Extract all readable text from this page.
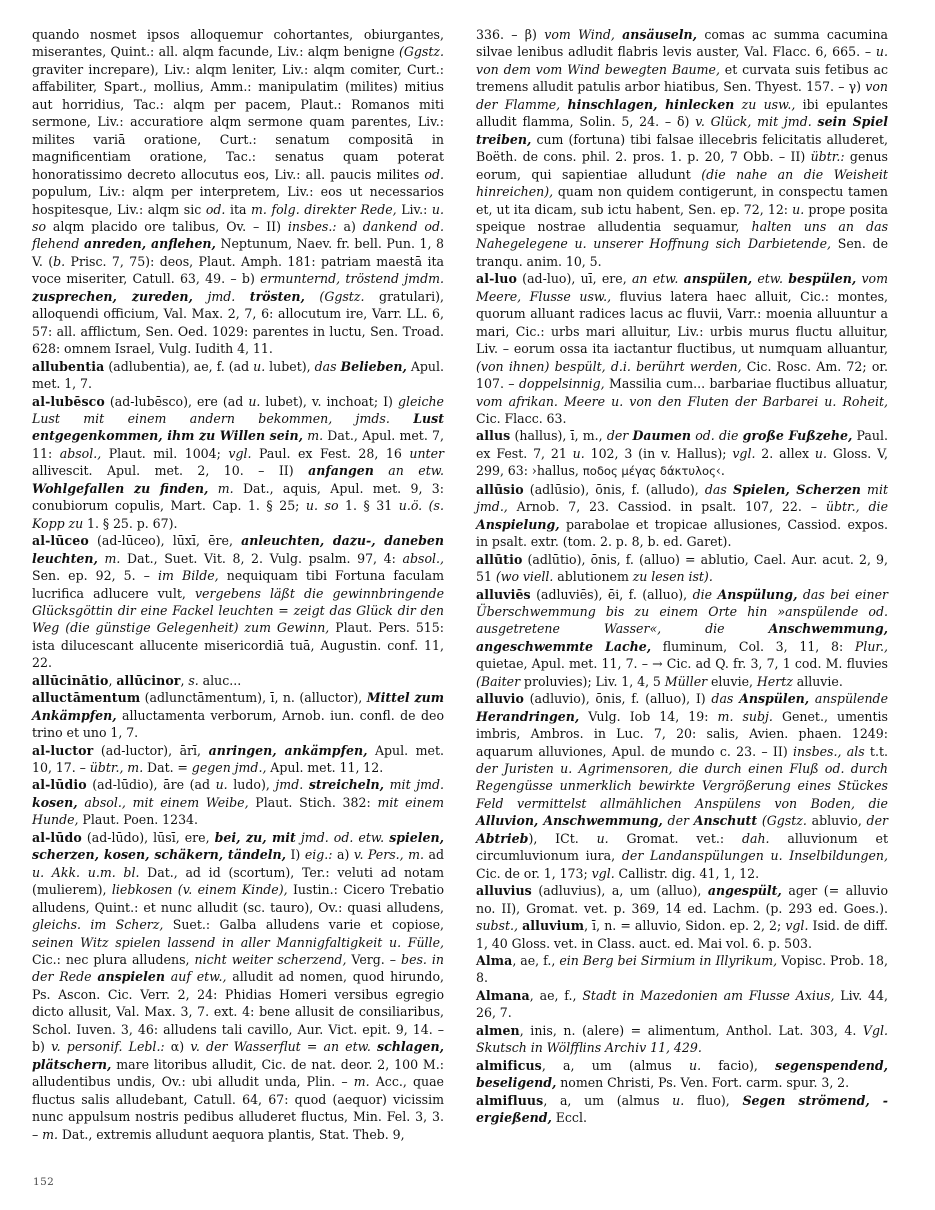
quando nosmet ipsos alloquemur cohortantes, obiurgantes, miserantes, Quint.: all. alqm facunde, Liv.: alqm benigne (Ggstz. graviter increpare), Liv.: alqm leniter, Liv.: alqm comiter, Curt.: affabiliter, Spart., mollius, Amm.: manipulatim (milites) mitius aut horridius, Tac.: alqm per pacem, Plaut.: Romanos miti sermone, Liv.: accuratiore alqm sermone quam parentes, Liv.: milites variā oratione, Curt.: senatum compositā in magnificentiam oratione, Tac.: senatus quam poterat honoratissimo decreto allocutus eos, Liv.: all. paucis milites od. populum, Liv.: alqm per interpretem, Liv.: eos ut necessarios hospitesque, Liv.: alqm sic od. ita m. folg. direkter Rede, Liv.: u. so alqm placido ore talibus, Ov. – II) insbes.: a) dankend od. flehend anreden, anflehen, Neptunum, Naev. fr. bell. Pun. 1, 8 V. (b. Prisc. 7, 75): deos, Plaut. Amph. 181: patriam maestā ita voce miseriter, Catull. 63, 49. – b) ermunternd, tröstend jmdm. zusprechen, zureden, jmd. trösten, (Ggstz. gratulari), alloquendi officium, Val. Max. 2, 7, 6: allocutum ire, Varr. LL. 6, 57: all. afflictum, Sen. Oed. 1029: parentes in luctu, Sen. Troad. 628: omnem Israel, Vulg. Iudith 4, 11.

allubentia (adlubentia), ae, f. (ad u. lubet), das Belieben, Apul. met. 1, 7.

al-lubēsco (ad-lubēsco), ere (ad u. lubet), v. inchoat; I) gleiche Lust mit einem andern bekommen, jmds. Lust entgegenkommen, ihm zu Willen sein, m. Dat., Apul. met. 7, 11: absol., Plaut. mil. 1004; vgl. Paul. ex Fest. 28, 16 unter allivescit. Apul. met. 2, 10. – II) anfangen an etw. Wohlgefallen zu finden, m. Dat., aquis, Apul. met. 9, 3: conubiorum copulis, Mart. Cap. 1. § 25; u. so 1. § 31 u.ö. (s. Kopp zu 1. § 25. p. 67).

al-lūceo (ad-lūceo), lūxī, ēre, anleuchten, dazu-, daneben leuchten, m. Dat., Suet. Vit. 8, 2. Vulg. psalm. 97, 4: absol., Sen. ep. 92, 5. – im Bilde, nequiquam tibi Fortuna faculam lucrifica adlucere vult, vergebens läßt die gewinnbringende Glücksgöttin dir eine Fackel leuchten = zeigt das Glück dir den Weg (die günstige Gelegenheit) zum Gewinn, Plaut. Pers. 515: ista dilucescant allucente misericordiā tuā, Augustin. conf. 11, 22.

allūcinātio, allūcinor, s. aluc...

alluctāmentum (adlunctāmentum), ī, n. (alluctor), Mittel zum Ankämpfen, alluctamenta verborum, Arnob. iun. confl. de deo trino et uno 1, 7.

al-luctor (ad-luctor), ārī, anringen, ankämpfen, Apul. met. 10, 17. – übtr., m. Dat. = gegen jmd., Apul. met. 11, 12.

al-lūdio (ad-lūdio), āre (ad u. ludo), jmd. streicheln, mit jmd. kosen, absol., mit einem Weibe, Plaut. Stich. 382: mit einem Hunde, Plaut. Poen. 1234.

al-lūdo (ad-lūdo), lūsī, ere, bei, zu, mit jmd. od. etw. spielen, scherzen, kosen, schäkern, tändeln, I) eig.: a) v. Pers., m. ad u. Akk. u.m. bl. Dat., ad id (scortum), Ter.: veluti ad notam (mulierem), liebkosen (v. einem Kinde), Iustin.: Cicero Trebatio alludens, Quint.: et nunc alludit (sc. tauro), Ov.: quasi alludens, gleichs. im Scherz, Suet.: Galba alludens varie et copiose, seinen Witz spielen lassend in aller Mannigfaltigkeit u. Fülle, Cic.: nec plura alludens, nicht weiter scherzend, Verg. – bes. in der Rede anspielen auf etw., alludit ad nomen, quod hirundo, Ps. Ascon. Cic. Verr. 2, 24: Phidias Homeri versibus egregio dicto allusit, Val. Max. 3, 7. ext. 4: bene allusit de consiliaribus, Schol. Iuven. 3, 46: alludens tali cavillo, Aur. Vict. epit. 9, 14. – b) v. personif. Lebl.: α) v. der Wasserflut = an etw. schlagen, plätschern, mare litoribus alludit, Cic. de nat. deor. 2, 100 M.: alludentibus undis, Ov.: ubi alludit unda, Plin. – m. Acc., quae fluctus salis alludebant, Catull. 64, 67: quod (aequor) vicissim nunc appulsum nostris pedibus alluderet fluctus, Min. Fel. 3, 3. – m. Dat., extremis alludunt aequora plantis, Stat. Theb. 9,

336. – β) vom Wind, ansäuseln, comas ac summa cacumina silvae lenibus adludit flabris levis auster, Val. Flacc. 6, 665. – u. von dem vom Wind bewegten Baume, et curvata suis fetibus ac tremens alludit patulis arbor hiatibus, Sen. Thyest. 157. – γ) von der Flamme, hinschlagen, hinlecken zu usw., ibi epulantes alludit flamma, Solin. 5, 24. – δ) v. Glück, mit jmd. sein Spiel treiben, cum (fortuna) tibi falsae illecebris felicitatis alluderet, Boëth. de cons. phil. 2. pros. 1. p. 20, 7 Obb. – II) übtr.: genus eorum, qui sapientiae alludunt (die nahe an die Weisheit hinreichen), quam non quidem contigerunt, in conspectu tamen et, ut ita dicam, sub ictu habent, Sen. ep. 72, 12: u. prope posita speique nostrae alludentia sequamur, halten uns an das Nahegelegene u. unserer Hoffnung sich Darbietende, Sen. de tranqu. anim. 10, 5.

al-luo (ad-luo), uī, ere, an etw. anspülen, etw. bespülen, vom Meere, Flusse usw., fluvius latera haec alluit, Cic.: montes, quorum alluant radices lacus ac fluvii, Varr.: moenia alluuntur a mari, Cic.: urbs mari alluitur, Liv.: urbis murus fluctu alluitur, Liv. – eorum ossa ita iactantur fluctibus, ut numquam alluantur, (von ihnen) bespült, d.i. berührt werden, Cic. Rosc. Am. 72; or. 107. – doppelsinnig, Massilia cum... barbariae fluctibus alluatur, vom afrikan. Meere u. von den Fluten der Barbarei u. Roheit, Cic. Flacc. 63.

allus (hallus), ī, m., der Daumen od. die große Fußzehe, Paul. ex Fest. 7, 21 u. 102, 3 (in v. Hallus); vgl. 2. allex u. Gloss. V, 299, 63: ›hallus, ποδος μέγας δάκτυλος‹.

allūsio (adlūsio), ōnis, f. (alludo), das Spielen, Scherzen mit jmd., Arnob. 7, 23. Cassiod. in psalt. 107, 22. – übtr., die Anspielung, parabolae et tropicae allusiones, Cassiod. expos. in psalt. extr. (tom. 2. p. 8, b. ed. Garet).

allūtio (adlūtio), ōnis, f. (alluo) = ablutio, Cael. Aur. acut. 2, 9, 51 (wo viell. ablutionem zu lesen ist).

alluviēs (adluviēs), ēi, f. (alluo), die Anspülung, das bei einer Überschwemmung bis zu einem Orte hin »anspülende od. ausgetretene Wasser«, die	Anschwemmung, angeschwemmte Lache, fluminum, Col. 3, 11, 8: Plur., quietae, Apul. met. 11, 7. – → Cic. ad Q. fr. 3, 7, 1 cod. M. fluvies (Baiter proluvies); Liv. 1, 4, 5 Müller eluvie, Hertz alluvie.

alluvio (adluvio), ōnis, f. (alluo), I) das Anspülen, anspülende Herandringen, Vulg. Iob 14, 19: m. subj. Genet., umentis imbris, Ambros. in Luc. 7, 20: salis, Avien. phaen. 1249: aquarum alluviones, Apul. de mundo c. 23. – II) insbes., als t.t. der Juristen u. Agrimensoren, die durch einen Fluß od. durch Regengüsse unmerklich bewirkte Vergrößerung eines Stückes Feld vermittelst allmählichen Anspülens von Boden, die Alluvion, Anschwemmung, der Anschutt (Ggstz. abluvio, der Abtrieb), ICt. u. Gromat. vet.: dah. alluvionum et circumluvionum iura, der Landanspülungen u. Inselbildungen, Cic. de or. 1, 173; vgl. Callistr. dig. 41, 1, 12.

alluvius (adluvius), a, um (alluo), angespült, ager (= alluvio no. II), Gromat. vet. p. 369, 14 ed. Lachm. (p. 293 ed. Goes.). subst., alluvium, ī, n. = alluvio, Sidon. ep. 2, 2; vgl. Isid. de diff. 1, 40 Gloss. vet. in Class. auct. ed. Mai vol. 6. p. 503.

Alma, ae, f., ein Berg bei Sirmium in Illyrikum, Vopisc. Prob. 18, 8.

Almana, ae, f., Stadt in Mazedonien am Flusse Axius, Liv. 44, 26, 7.

almen, inis, n. (alere) = alimentum, Anthol. Lat. 303, 4. Vgl. Skutsch in Wölfflins Archiv 11, 429.

almificus, a, um (almus u. facio), segenspendend, beseligend, nomen Christi, Ps. Ven. Fort. carm. spur. 3, 2.

almifluus, a, um (almus u. fluo), Segen strömend, -ergießend, Eccl.

152
